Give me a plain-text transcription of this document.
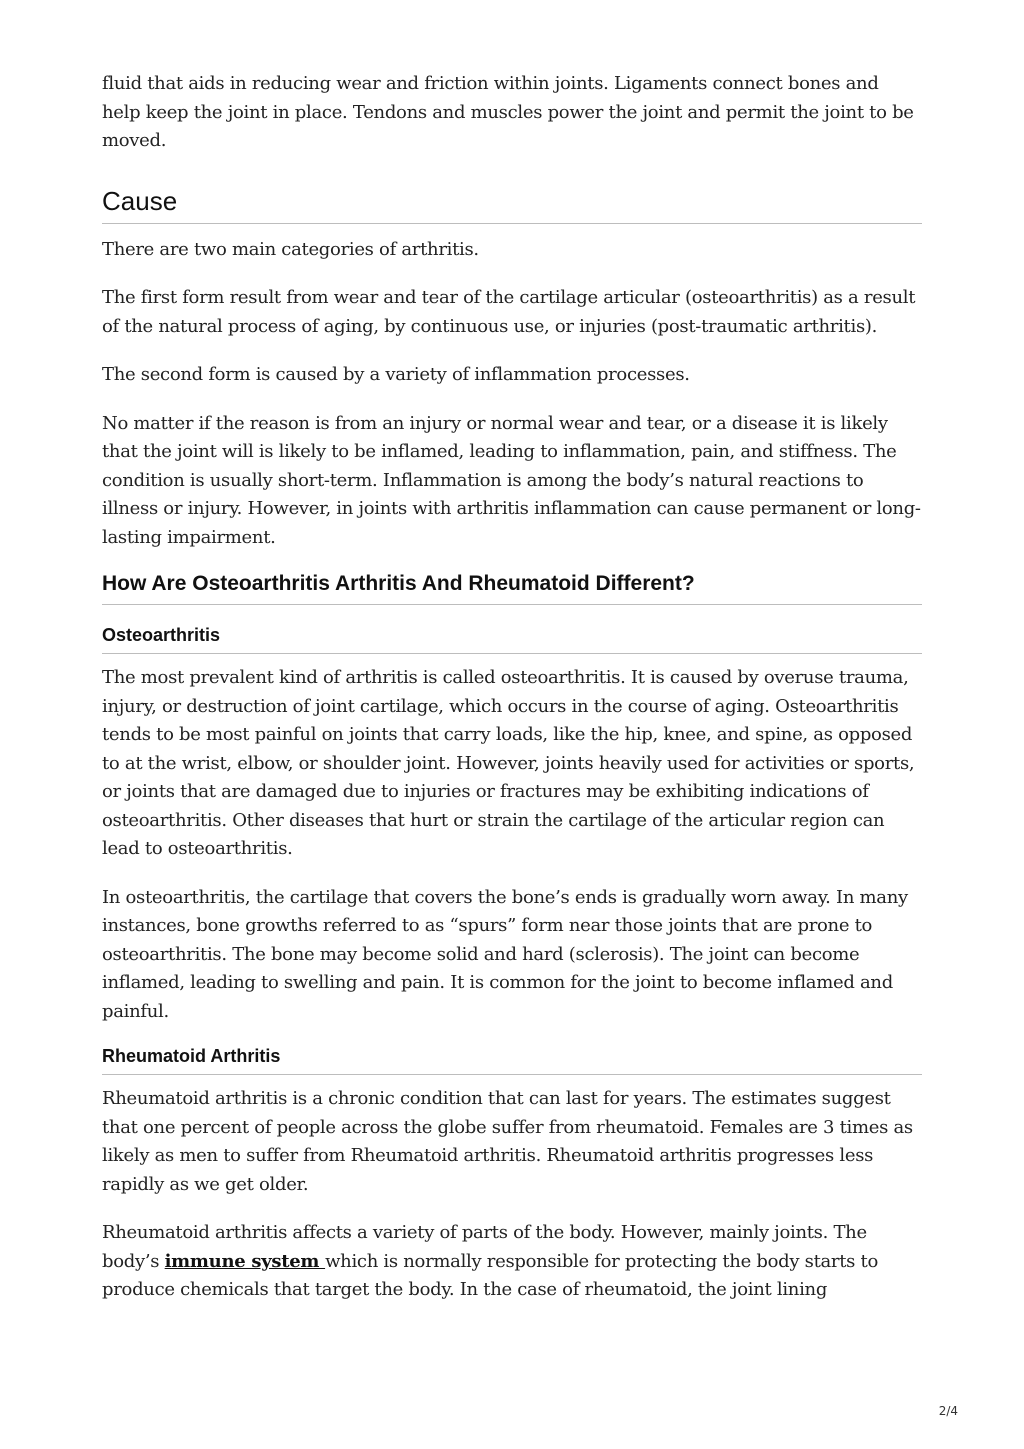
fluid that aids in reducing wear and friction within joints. Ligaments connect bones and help keep the joint in place. Tendons and muscles power the joint and permit the joint to be moved.

Cause

There are two main categories of arthritis.

The first form result from wear and tear of the cartilage articular (osteoarthritis) as a result of the natural process of aging, by continuous use, or injuries (post-traumatic arthritis).

The second form is caused by a variety of inflammation processes.

No matter if the reason is from an injury or normal wear and tear, or a disease it is likely that the joint will is likely to be inflamed, leading to inflammation, pain, and stiffness. The condition is usually short-term. Inflammation is among the body’s natural reactions to illness or injury. However, in joints with arthritis inflammation can cause permanent or long-lasting impairment.

How Are Osteoarthritis Arthritis And Rheumatoid Different?
Osteoarthritis

The most prevalent kind of arthritis is called osteoarthritis. It is caused by overuse trauma, injury, or destruction of joint cartilage, which occurs in the course of aging. Osteoarthritis tends to be most painful on joints that carry loads, like the hip, knee, and spine, as opposed to at the wrist, elbow, or shoulder joint. However, joints heavily used for activities or sports, or joints that are damaged due to injuries or fractures may be exhibiting indications of osteoarthritis. Other diseases that hurt or strain the cartilage of the articular region can lead to osteoarthritis.

In osteoarthritis, the cartilage that covers the bone’s ends is gradually worn away. In many instances, bone growths referred to as “spurs” form near those joints that are prone to osteoarthritis. The bone may become solid and hard (sclerosis). The joint can become inflamed, leading to swelling and pain. It is common for the joint to become inflamed and painful.

Rheumatoid Arthritis

Rheumatoid arthritis is a chronic condition that can last for years. The estimates suggest that one percent of people across the globe suffer from rheumatoid. Females are 3 times as likely as men to suffer from Rheumatoid arthritis. Rheumatoid arthritis progresses less rapidly as we get older.

Rheumatoid arthritis affects a variety of parts of the body. However, mainly joints. The body’s immune system which is normally responsible for protecting the body starts to produce chemicals that target the body. In the case of rheumatoid, the joint lining

2/4
